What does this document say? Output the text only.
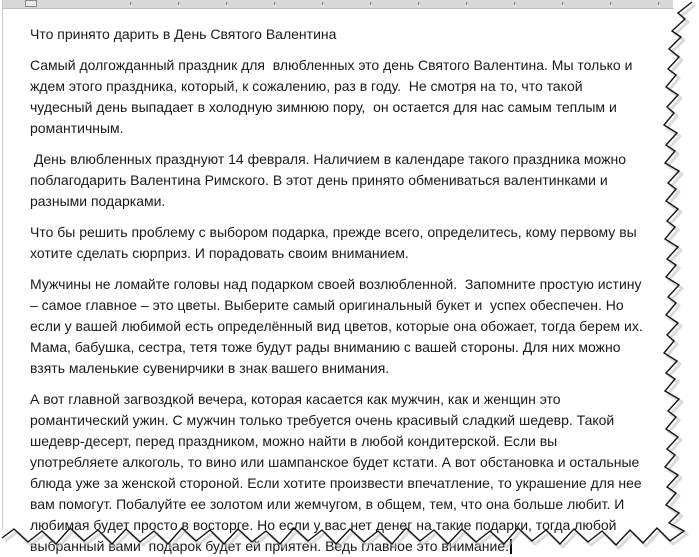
Что принято дарить в День Святого Валентина

Самый долгожданный праздник для  влюбленных это день Святого Валентина. Мы только и ждем этого праздника, который, к сожалению, раз в году.  Не смотря на то, что такой чудесный день выпадает в холодную зимнюю пору,  он остается для нас самым теплым и романтичным.

День влюбленных празднуют 14 февраля. Наличием в календаре такого праздника можно поблагодарить Валентина Римского. В этот день принято обмениваться валентинками и разными подарками.

Что бы решить проблему с выбором подарка, прежде всего, определитесь, кому первому вы хотите сделать сюрприз. И порадовать своим вниманием.

Мужчины не ломайте головы над подарком своей возлюбленной.  Запомните простую истину – самое главное – это цветы. Выберите самый оригинальный букет и  успех обеспечен. Но если у вашей любимой есть определённый вид цветов, которые она обожает, тогда берем их. Мама, бабушка, сестра, тетя тоже будут рады вниманию с вашей стороны. Для них можно взять маленькие сувенирчики в знак вашего внимания.

А вот главной загвоздкой вечера, которая касается как мужчин, как и женщин это романтический ужин. С мужчин только требуется очень красивый сладкий шедевр. Такой шедевр-десерт, перед праздником, можно найти в любой кондитерской. Если вы употребляете алкоголь, то вино или шампанское будет кстати. А вот обстановка и остальные блюда уже за женской стороной. Если хотите произвести впечатление, то украшение для нее вам помогут. Побалуйте ее золотом или жемчугом, в общем, тем, что она больше любит. И любимая будет просто в восторге. Но если у вас нет денег на такие подарки, тогда любой выбранный вами  подарок будет ей приятен. Ведь главное это внимание.
